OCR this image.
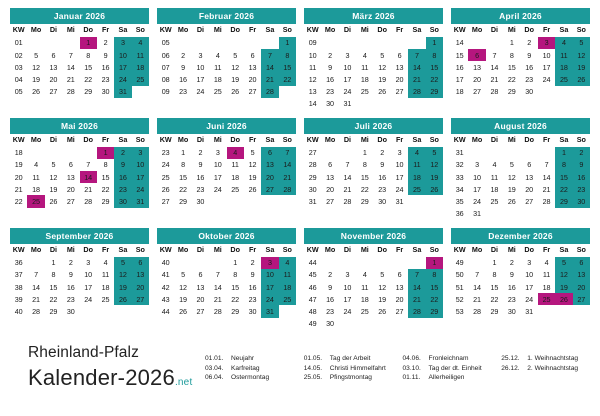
Januar 2026
KW	Mo	Di	Mi	Do	Fr	Sa	So
01				1	2	3	4
02	5	6	7	8	9	10	11
03	12	13	14	15	16	17	18
04	19	20	21	22	23	24	25
05	26	27	28	29	30	31	
Februar 2026
KW	Mo	Di	Mi	Do	Fr	Sa	So
05							1
06	2	3	4	5	6	7	8
07	9	10	11	12	13	14	15
08	16	17	18	19	20	21	22
09	23	24	25	26	27	28	
März 2026
KW	Mo	Di	Mi	Do	Fr	Sa	So
09							1
10	2	3	4	5	6	7	8
11	9	10	11	12	13	14	15
12	16	17	18	19	20	21	22
13	23	24	25	26	27	28	29
14	30	31					
April 2026
KW	Mo	Di	Mi	Do	Fr	Sa	So
14			1	2	3	4	5
15	6	7	8	9	10	11	12
16	13	14	15	16	17	18	19
17	20	21	22	23	24	25	26
18	27	28	29	30			
Mai 2026
KW	Mo	Di	Mi	Do	Fr	Sa	So
18					1	2	3
19	4	5	6	7	8	9	10
20	11	12	13	14	15	16	17
21	18	19	20	21	22	23	24
22	25	26	27	28	29	30	31
Juni 2026
KW	Mo	Di	Mi	Do	Fr	Sa	So
23	1	2	3	4	5	6	7
24	8	9	10	11	12	13	14
25	15	16	17	18	19	20	21
26	22	23	24	25	26	27	28
27	29	30					
Juli 2026
KW	Mo	Di	Mi	Do	Fr	Sa	So
27			1	2	3	4	5
28	6	7	8	9	10	11	12
29	13	14	15	16	17	18	19
30	20	21	22	23	24	25	26
31	27	28	29	30	31		
August 2026
KW	Mo	Di	Mi	Do	Fr	Sa	So
31						1	2
32	3	4	5	6	7	8	9
33	10	11	12	13	14	15	16
34	17	18	19	20	21	22	23
35	24	25	26	27	28	29	30
36	31						
September 2026
KW	Mo	Di	Mi	Do	Fr	Sa	So
36		1	2	3	4	5	6
37	7	8	9	10	11	12	13
38	14	15	16	17	18	19	20
39	21	22	23	24	25	26	27
40	28	29	30				
Oktober 2026
KW	Mo	Di	Mi	Do	Fr	Sa	So
40				1	2	3	4
41	5	6	7	8	9	10	11
42	12	13	14	15	16	17	18
43	19	20	21	22	23	24	25
44	26	27	28	29	30	31	
November 2026
KW	Mo	Di	Mi	Do	Fr	Sa	So
44							1
45	2	3	4	5	6	7	8
46	9	10	11	12	13	14	15
47	16	17	18	19	20	21	22
48	23	24	25	26	27	28	29
49	30						
Dezember 2026
KW	Mo	Di	Mi	Do	Fr	Sa	So
49		1	2	3	4	5	6
50	7	8	9	10	11	12	13
51	14	15	16	17	18	19	20
52	21	22	23	24	25	26	27
53	28	29	30	31			
Rheinland-Pfalz
Kalender-2026.net
01.01. Neujahr
03.04. Karfreitag
06.04. Ostermontag
01.05. Tag der Arbeit
14.05. Christi Himmelfahrt
25.05. Pfingstmontag
04.06. Fronleichnam
03.10. Tag der dt. Einheit
01.11. Allerheiligen
25.12. 1. Weihnachtstag
26.12. 2. Weihnachtstag
